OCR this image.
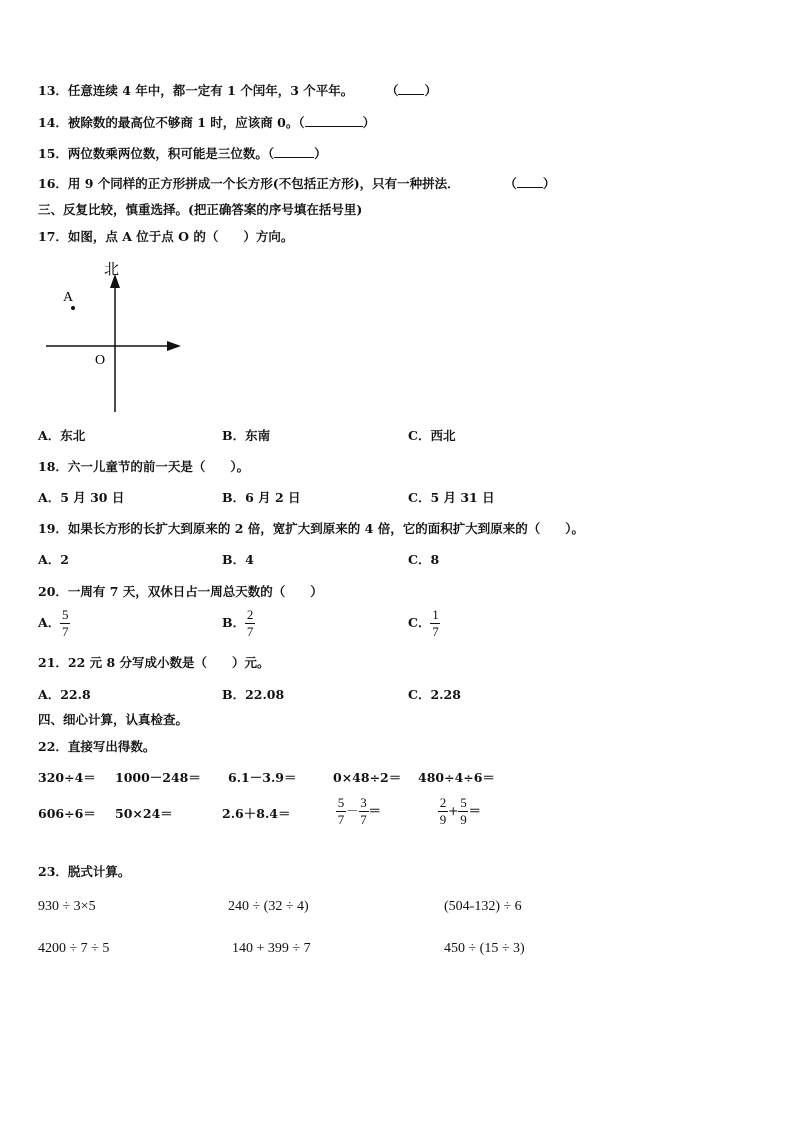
13．任意连续 4 年中，都一定有 1 个闰年，3 个平年。	（ ）
14．被除数的最高位不够商 1 时，应该商 0。（	）
15．两位数乘两位数，积可能是三位数。（	）
16．用 9 个同样的正方形拼成一个长方形(不包括正方形)，只有一种拼法．	（ ）
三、反复比较，慎重选择。(把正确答案的序号填在括号里)
17．如图，点 A 位于点 O 的（　　）方向。
北
A
O
A．东北	B．东南	C．西北
18．六一儿童节的前一天是（　　）。
A．5 月 30 日	B．6 月 2 日	C．5 月 31 日
19．如果长方形的长扩大到原来的 2 倍，宽扩大到原来的 4 倍，它的面积扩大到原来的（　　）。
A．2	B．4	C．8
20．一周有 7 天，双休日占一周总天数的（　　）
A． $\frac{5}{7}$	B． $\frac{2}{7}$	C． $\frac{1}{7}$
21．22 元 8 分写成小数是（　　）元。
A．22.8	B．22.08	C．2.28
四、细心计算，认真检查。
22．直接写出得数。
320÷4＝ 1000－248＝ 6.1－3.9＝	0×48÷2＝ 480÷4÷6＝
606÷6＝ 50×24＝	2.6＋8.4＝	$\frac{5}{7} - \frac{3}{7}$ ＝	$\frac{2}{9} + \frac{5}{9}$ ＝
23．脱式计算。
930 ÷ 3×5	240 ÷ (32 ÷ 4)	(504-132) ÷ 6
4200 ÷ 7 ÷ 5	140 + 399 ÷ 7	450 ÷ (15 ÷ 3)
